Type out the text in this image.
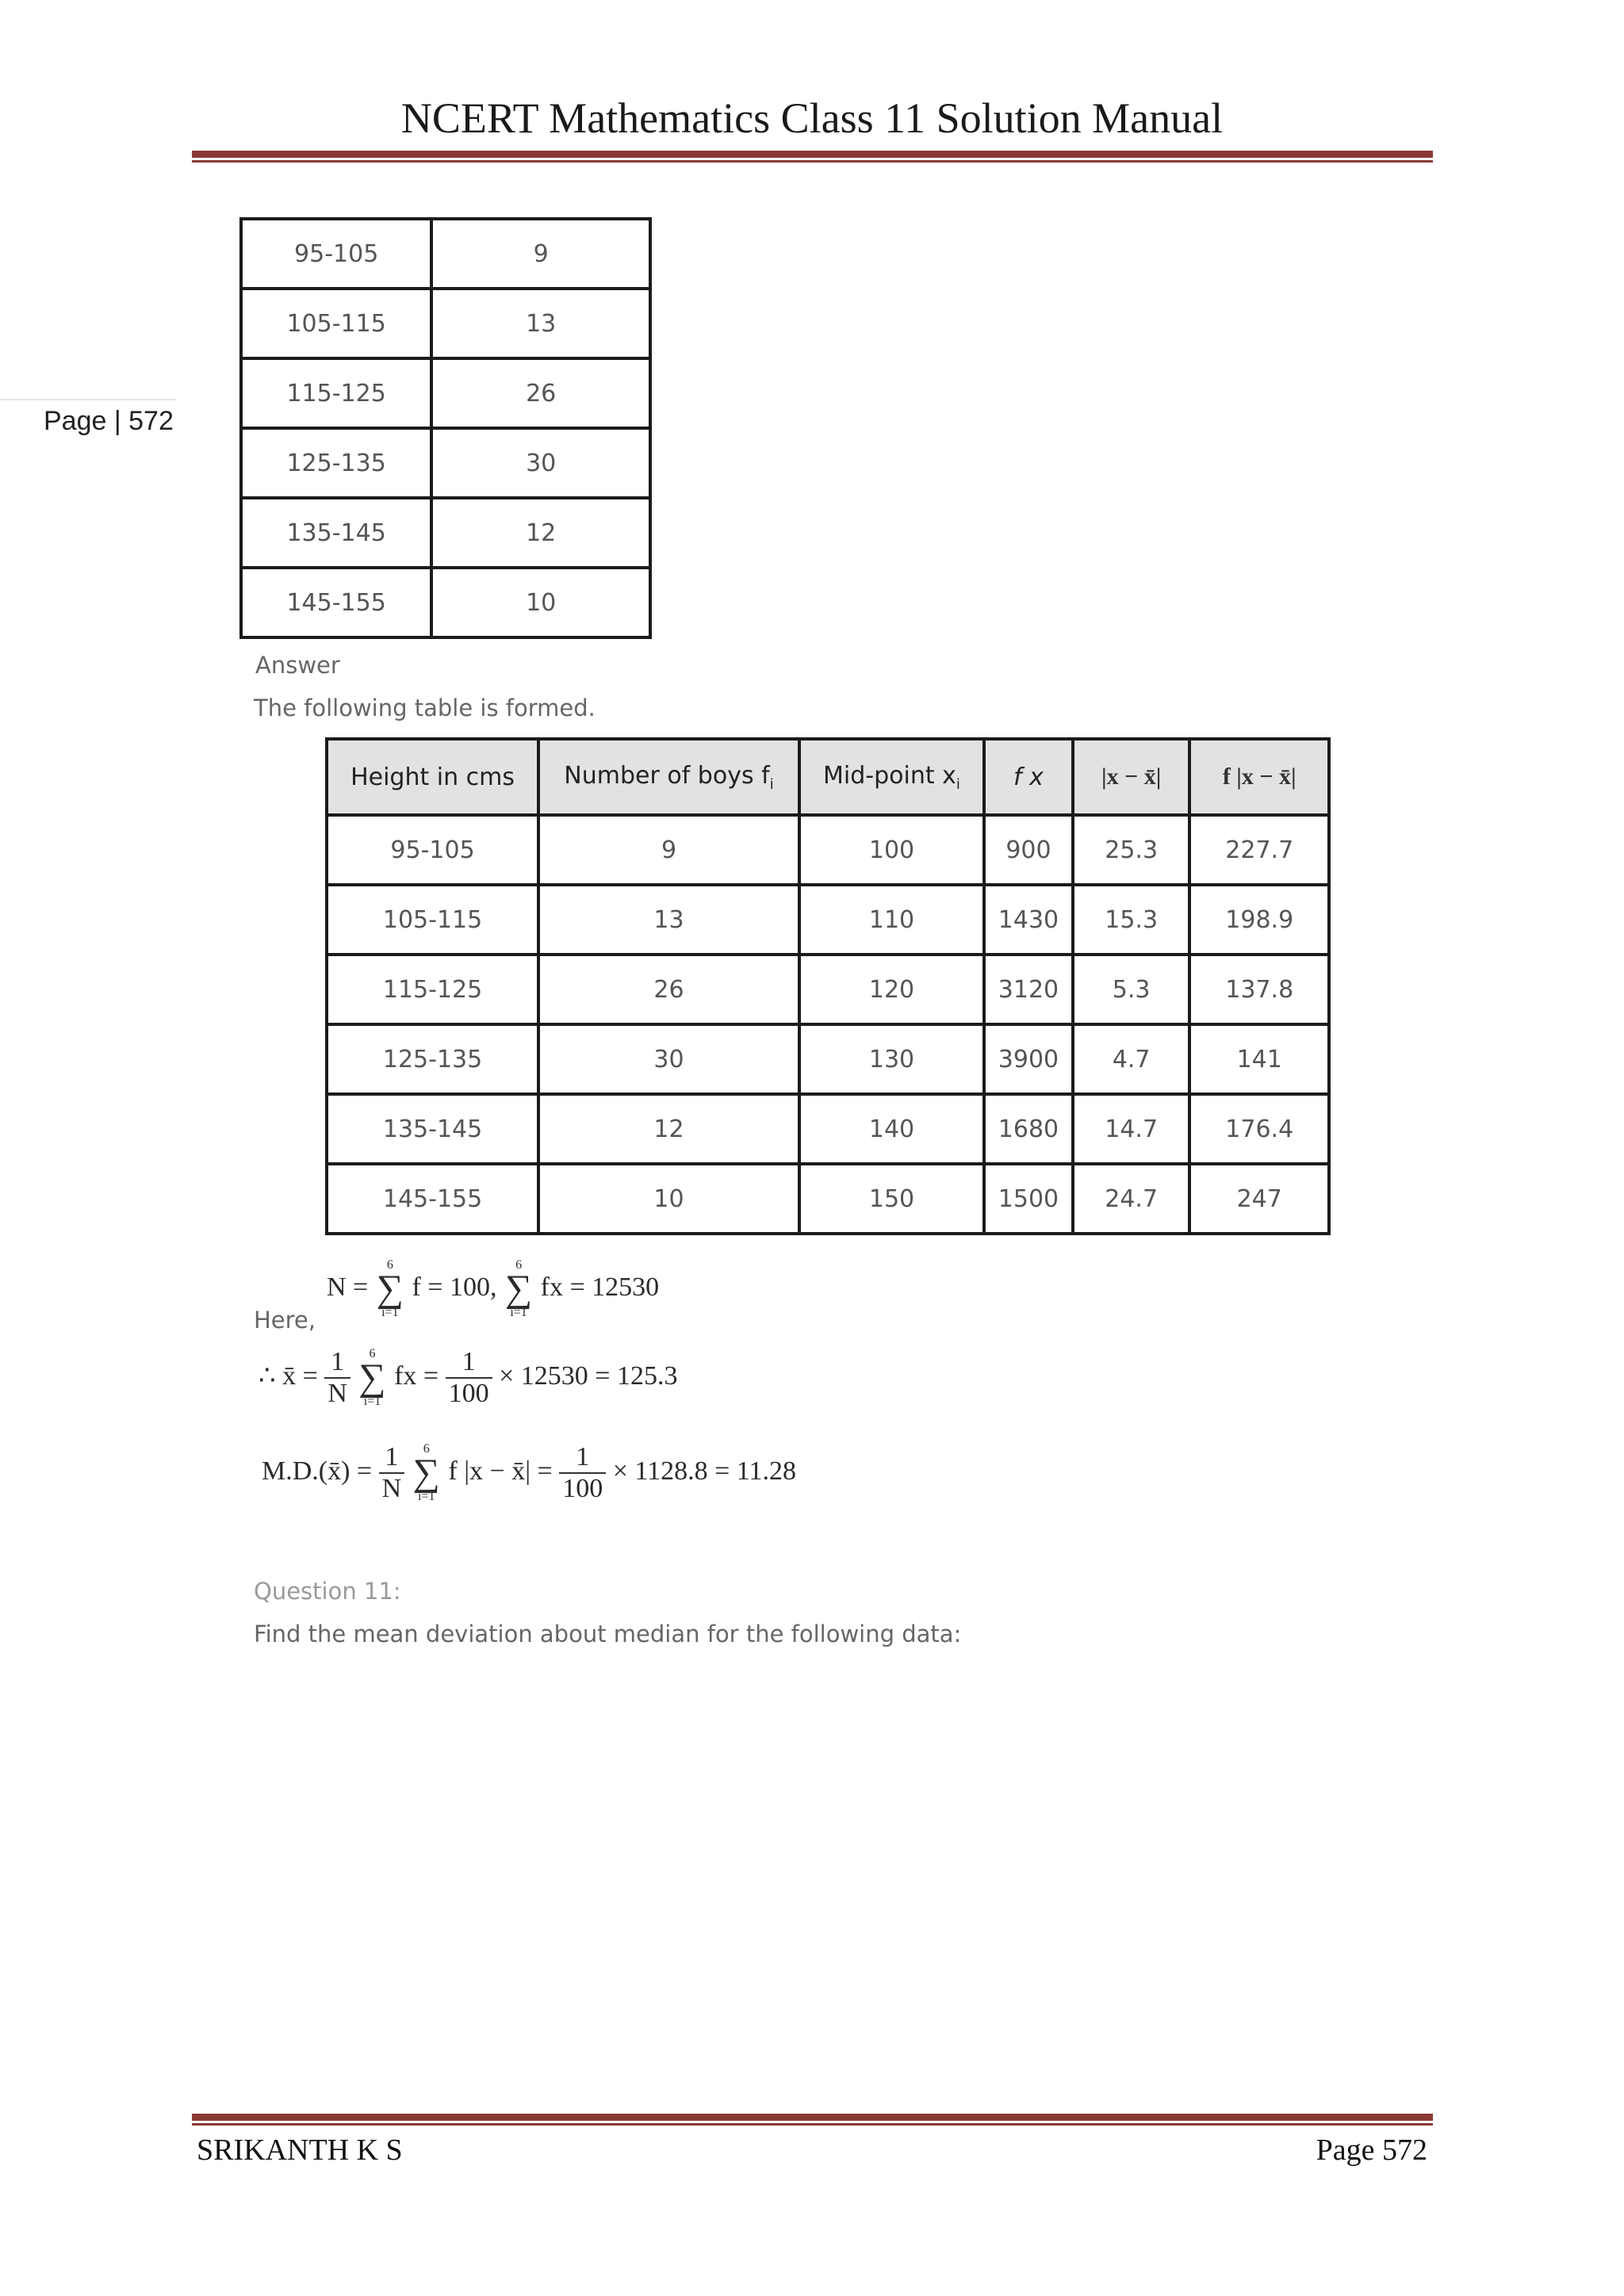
NCERT Mathematics Class 11 Solution Manual
Page | 572
95-105	9
105-115	13
115-125	26
125-135	30
135-145	12
145-155	10
Answer
The following table is formed.
Height in cms	Number of boys $f_i$	Mid-point $x_i$	f x	|x − x̄|	f |x − x̄|
95-105	9	100	900	25.3	227.7
105-115	13	110	1430	15.3	198.9
115-125	26	120	3120	5.3	137.8
125-135	30	130	3900	4.7	141
135-145	12	140	1680	14.7	176.4
145-155	10	150	1500	24.7	247
N =
6
∑
i=1
f = 100,
6
∑
i=1
fx = 12530
Here,
∴ x̄ = $\frac{1}{N}$
	6
∑
i=1
fx = $\frac{1}{100} \times 12530 = 125.3$
M.D.(x̄) = $\frac{1}{N}$
	6
∑
i=1
f |x − x̄| = $\frac{1}{100} \times 1128.8 = 11.28$
Question 11:
Find the mean deviation about median for the following data:
SRIKANTH K S	Page 572
